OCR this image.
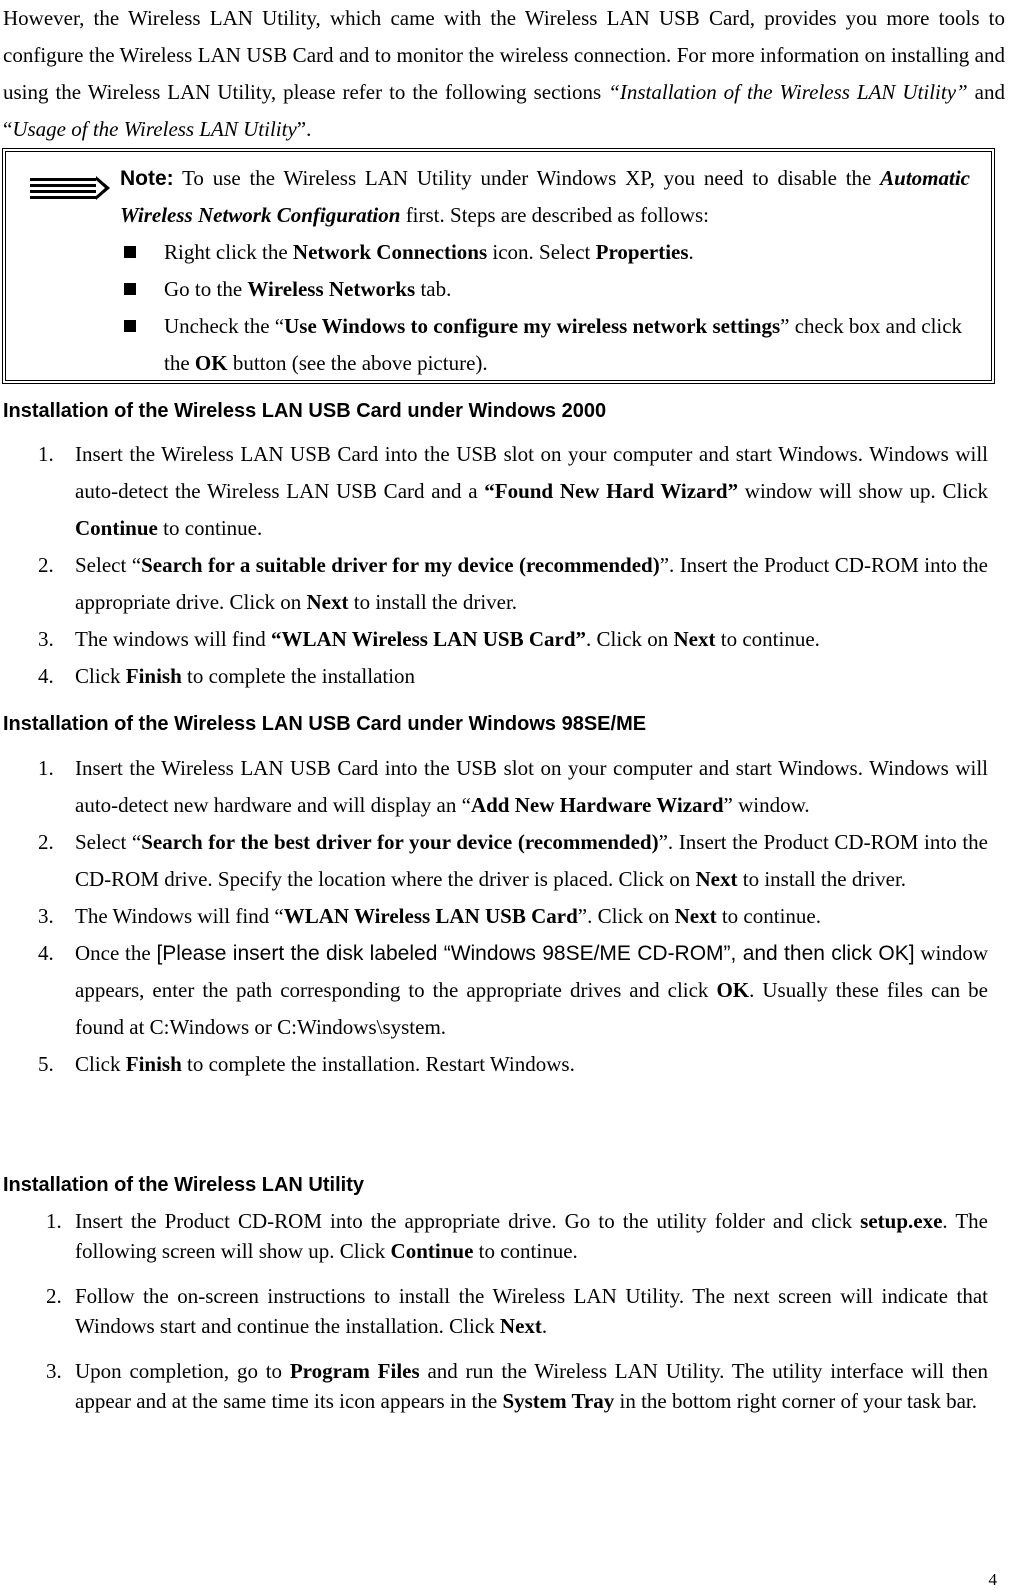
However, the Wireless LAN Utility, which came with the Wireless LAN USB Card, provides you more tools to configure the Wireless LAN USB Card and to monitor the wireless connection. For more information on installing and using the Wireless LAN Utility, please refer to the following sections “Installation of the Wireless LAN Utility” and “Usage of the Wireless LAN Utility”.

Note: To use the Wireless LAN Utility under Windows XP, you need to disable the Automatic Wireless Network Configuration first. Steps are described as follows:

Right click the Network Connections icon. Select Properties.
Go to the Wireless Networks tab.
Uncheck the “Use Windows to configure my wireless network settings” check box and click the OK button (see the above picture).
Installation of the Wireless LAN USB Card under Windows 2000
1. Insert the Wireless LAN USB Card into the USB slot on your computer and start Windows. Windows will auto-detect the Wireless LAN USB Card and a “Found New Hard Wizard” window will show up. Click Continue to continue.
2. Select “Search for a suitable driver for my device (recommended)”. Insert the Product CD-ROM into the appropriate drive. Click on Next to install the driver.
3. The windows will find “WLAN Wireless LAN USB Card”. Click on Next to continue.
4. Click Finish to complete the installation
Installation of the Wireless LAN USB Card under Windows 98SE/ME
1. Insert the Wireless LAN USB Card into the USB slot on your computer and start Windows. Windows will auto-detect new hardware and will display an “Add New Hardware Wizard” window.
2. Select “Search for the best driver for your device (recommended)”. Insert the Product CD-ROM into the CD-ROM drive. Specify the location where the driver is placed. Click on Next to install the driver.
3. The Windows will find “WLAN Wireless LAN USB Card”. Click on Next to continue.
4. Once the [Please insert the disk labeled “Windows 98SE/ME CD-ROM”, and then click OK] window appears, enter the path corresponding to the appropriate drives and click OK. Usually these files can be found at C:Windows or C:Windows\system.
5. Click Finish to complete the installation. Restart Windows.
Installation of the Wireless LAN Utility
1. Insert the Product CD-ROM into the appropriate drive. Go to the utility folder and click setup.exe. The following screen will show up. Click Continue to continue.
2. Follow the on-screen instructions to install the Wireless LAN Utility. The next screen will indicate that Windows start and continue the installation. Click Next.
3. Upon completion, go to Program Files and run the Wireless LAN Utility. The utility interface will then appear and at the same time its icon appears in the System Tray in the bottom right corner of your task bar.
4
